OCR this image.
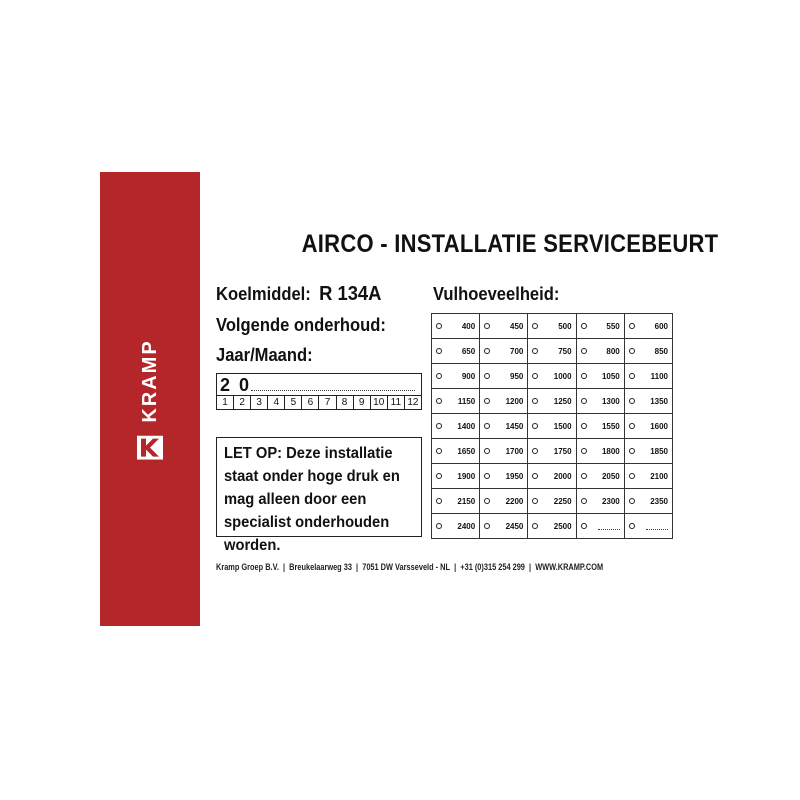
KRAMP
AIRCO - INSTALLATIE SERVICEBEURT
Koelmiddel: R 134A	Vulhoeveelheid:
Volgende onderhoud:
Jaar/Maand:
2 0
1	2	3	4	5	6	7	8	9 10 11 12
LET OP: Deze installatie staat onder hoge druk en mag alleen door een specialist onderhouden worden.
400	450	500	550	600

650	700	750	800	850

900	950	1000	1050	1100

1150	1200	1250	1300	1350

1400	1450	1500	1550	1600

1650	1700	1750	1800	1850

1900	1950	2000	2050	2100

2150	2200	2250	2300	2350

2400	2450	2500		

Kramp Groep B.V. | Breukelaarweg 33 | 7051 DW Varsseveld - NL | +31 (0)315 254 299 | WWW.KRAMP.COM
